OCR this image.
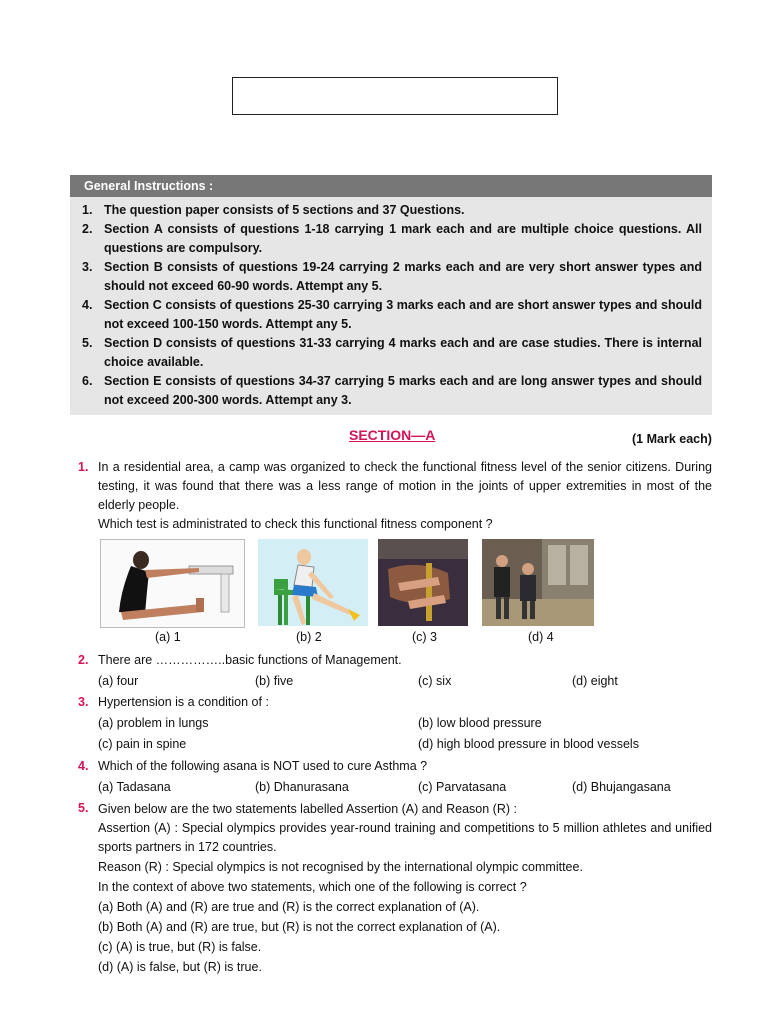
General Instructions :
1. The question paper consists of 5 sections and 37 Questions.
2. Section A consists of questions 1-18 carrying 1 mark each and are multiple choice questions. All questions are compulsory.
3. Section B consists of questions 19-24 carrying 2 marks each and are very short answer types and should not exceed 60-90 words. Attempt any 5.
4. Section C consists of questions 25-30 carrying 3 marks each and are short answer types and should not exceed 100-150 words. Attempt any 5.
5. Section D consists of questions 31-33 carrying 4 marks each and are case studies. There is internal choice available.
6. Section E consists of questions 34-37 carrying 5 marks each and are long answer types and should not exceed 200-300 words. Attempt any 3.
SECTION—A	(1 Mark each)
1. In a residential area, a camp was organized to check the functional fitness level of the senior citizens. During testing, it was found that there was a less range of motion in the joints of upper extremities in most of the elderly people.
Which test is administrated to check this functional fitness component ?
(a) 1	(b) 2	(c) 3	(d) 4
2. There are ……………..basic functions of Management.
(a) four	(b) five	(c) six	(d) eight
3. Hypertension is a condition of :
(a) problem in lungs	(b) low blood pressure
(c) pain in spine	(d) high blood pressure in blood vessels
4. Which of the following asana is NOT used to cure Asthma ?
(a) Tadasana	(b) Dhanurasana	(c) Parvatasana	(d) Bhujangasana
5. Given below are the two statements labelled Assertion (A) and Reason (R) :
Assertion (A) : Special olympics provides year-round training and competitions to 5 million athletes and unified sports partners in 172 countries.
Reason (R) : Special olympics is not recognised by the international olympic committee.
In the context of above two statements, which one of the following is correct ?
(a) Both (A) and (R) are true and (R) is the correct explanation of (A).
(b) Both (A) and (R) are true, but (R) is not the correct explanation of (A).
(c) (A) is true, but (R) is false.
(d) (A) is false, but (R) is true.
